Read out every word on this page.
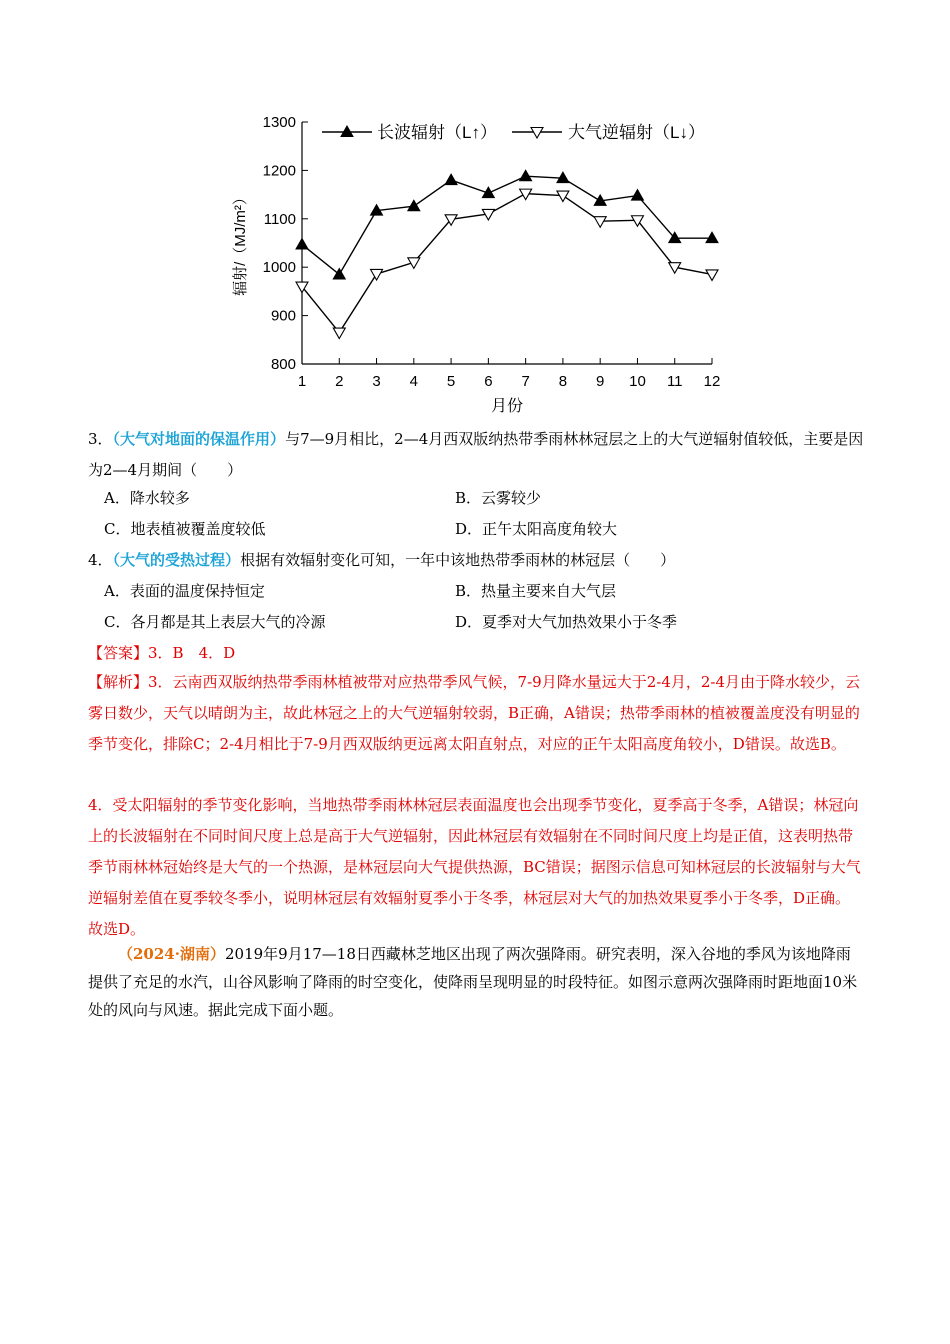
800
900
1000
1100
1200
1300
1 2 3 4 5 6 7 8 9 10 11 12
月份
辐射/（MJ/m²）
长波辐射（L↑）	大气逆辐射（L↓）
3．（大气对地面的保温作用）与7—9月相比，2—4月西双版纳热带季雨林林冠层之上的大气逆辐射值较低，主要是因为2—4月期间（　　）
A．降水较多	B．云雾较少
C．地表植被覆盖度较低	D．正午太阳高度角较大
4．（大气的受热过程）根据有效辐射变化可知，一年中该地热带季雨林的林冠层（　　）
A．表面的温度保持恒定	B．热量主要来自大气层
C．各月都是其上表层大气的冷源	D．夏季对大气加热效果小于冬季
【答案】3．B　4．D
【解析】3．云南西双版纳热带季雨林植被带对应热带季风气候，7-9月降水量远大于2-4月，2-4月由于降水较少，云雾日数少，天气以晴朗为主，故此林冠之上的大气逆辐射较弱，B正确，A错误；热带季雨林的植被覆盖度没有明显的季节变化，排除C；2-4月相比于7-9月西双版纳更远离太阳直射点，对应的正午太阳高度角较小，D错误。故选B。
4．受太阳辐射的季节变化影响，当地热带季雨林林冠层表面温度也会出现季节变化，夏季高于冬季，A错误；林冠向上的长波辐射在不同时间尺度上总是高于大气逆辐射，因此林冠层有效辐射在不同时间尺度上均是正值，这表明热带季节雨林林冠始终是大气的一个热源，是林冠层向大气提供热源，BC错误；据图示信息可知林冠层的长波辐射与大气逆辐射差值在夏季较冬季小，说明林冠层有效辐射夏季小于冬季，林冠层对大气的加热效果夏季小于冬季，D正确。故选D。
（2024·湖南）2019年9月17—18日西藏林芝地区出现了两次强降雨。研究表明，深入谷地的季风为该地降雨提供了充足的水汽，山谷风影响了降雨的时空变化，使降雨呈现明显的时段特征。如图示意两次强降雨时距地面10米处的风向与风速。据此完成下面小题。
